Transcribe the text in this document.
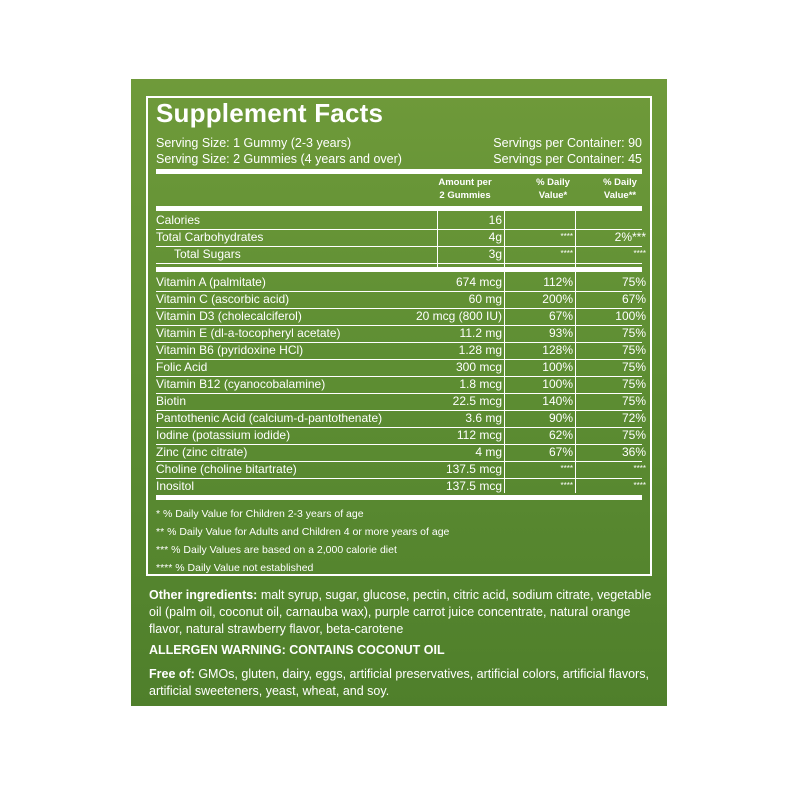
Supplement Facts
Serving Size: 1 Gummy (2-3 years)	Servings per Container: 90
Serving Size: 2 Gummies (4 years and over)	Servings per Container: 45
Amount per
2 Gummies
% Daily
Value*
% Daily
Value**
Calories	16
Total Carbohydrates	4g	****	2%***
Total Sugars	3g	****	****
Vitamin A (palmitate)	674 mcg	112%	75%
Vitamin C (ascorbic acid)	60 mg	200%	67%
Vitamin D3 (cholecalciferol)	20 mcg (800 IU)	67%	100%
Vitamin E (dl-a-tocopheryl acetate)	11.2 mg	93%	75%
Vitamin B6 (pyridoxine HCl)	1.28 mg	128%	75%
Folic Acid	300 mcg	100%	75%
Vitamin B12 (cyanocobalamine)	1.8 mcg	100%	75%
Biotin	22.5 mcg	140%	75%
Pantothenic Acid (calcium-d-pantothenate)	3.6 mg	90%	72%
Iodine (potassium iodide)	112 mcg	62%	75%
Zinc (zinc citrate)	4 mg	67%	36%
Choline (choline bitartrate)	137.5 mcg	****	****
Inositol	137.5 mcg	****	****
* % Daily Value for Children 2-3 years of age
** % Daily Value for Adults and Children 4 or more years of age
*** % Daily Values are based on a 2,000 calorie diet
**** % Daily Value not established
Other ingredients: malt syrup, sugar, glucose, pectin, citric acid, sodium citrate, vegetable oil (palm oil, coconut oil, carnauba wax), purple carrot juice concentrate, natural orange flavor, natural strawberry flavor, beta-carotene
ALLERGEN WARNING: CONTAINS COCONUT OIL
Free of: GMOs, gluten, dairy, eggs, artificial preservatives, artificial colors, artificial flavors, artificial sweeteners, yeast, wheat, and soy.
